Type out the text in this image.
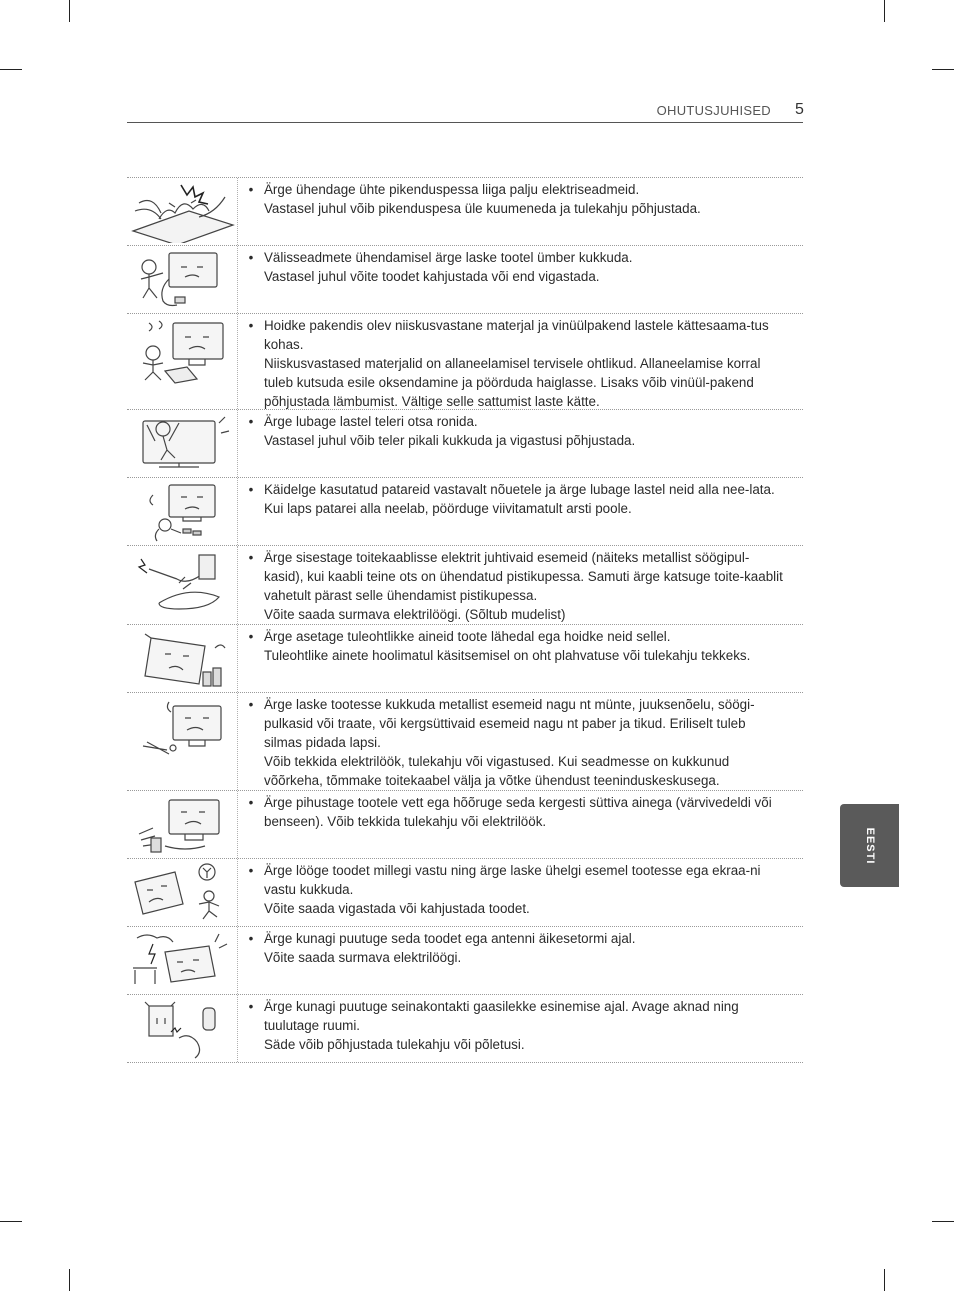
OHUTUSJUHISED 5
EESTI
• Ärge ühendage ühte pikenduspessa liiga palju elektriseadmeid.

Vastasel juhul võib pikenduspesa üle kuumeneda ja tulekahju põhjustada.

• Välisseadmete ühendamisel ärge laske tootel ümber kukkuda.

Vastasel juhul võite toodet kahjustada või end vigastada.

• Hoidke pakendis olev niiskusvastane materjal ja vinüülpakend lastele kättesaama-tus kohas.

Niiskusvastased materjalid on allaneelamisel tervisele ohtlikud. Allaneelamise korral tuleb kutsuda esile oksendamine ja pöörduda haiglasse. Lisaks võib vinüül-pakend põhjustada lämbumist. Vältige selle sattumist laste kätte.

• Ärge lubage lastel teleri otsa ronida.

Vastasel juhul võib teler pikali kukkuda ja vigastusi põhjustada.

• Käidelge kasutatud patareid vastavalt nõuetele ja ärge lubage lastel neid alla nee-lata.

Kui laps patarei alla neelab, pöörduge viivitamatult arsti poole.

• Ärge sisestage toitekaablisse elektrit juhtivaid esemeid (näiteks metallist söögipul-kasid), kui kaabli teine ots on ühendatud pistikupessa. Samuti ärge katsuge toite-kaablit vahetult pärast selle ühendamist pistikupessa.

Võite saada surmava elektrilöögi. (Sõltub mudelist)

• Ärge asetage tuleohtlikke aineid toote lähedal ega hoidke neid sellel.

Tuleohtlike ainete hoolimatul käsitsemisel on oht plahvatuse või tulekahju tekkeks.

• Ärge laske tootesse kukkuda metallist esemeid nagu nt münte, juuksenõelu, söögi-pulkasid või traate, või kergsüttivaid esemeid nagu nt paber ja tikud. Eriliselt tuleb silmas pidada lapsi.

Võib tekkida elektrilöök, tulekahju või vigastused. Kui seadmesse on kukkunud võõrkeha, tõmmake toitekaabel välja ja võtke ühendust teeninduskeskusega.

• Ärge pihustage tootele vett ega hõõruge seda kergesti süttiva ainega (värvivedeldi või benseen). Võib tekkida tulekahju või elektrilöök.

• Ärge lööge toodet millegi vastu ning ärge laske ühelgi esemel tootesse ega ekraa-ni vastu kukkuda.

Võite saada vigastada või kahjustada toodet.

• Ärge kunagi puutuge seda toodet ega antenni äikesetormi ajal.

Võite saada surmava elektrilöögi.

• Ärge kunagi puutuge seinakontakti gaasilekke esinemise ajal. Avage aknad ning tuulutage ruumi.

Säde võib põhjustada tulekahju või põletusi.
